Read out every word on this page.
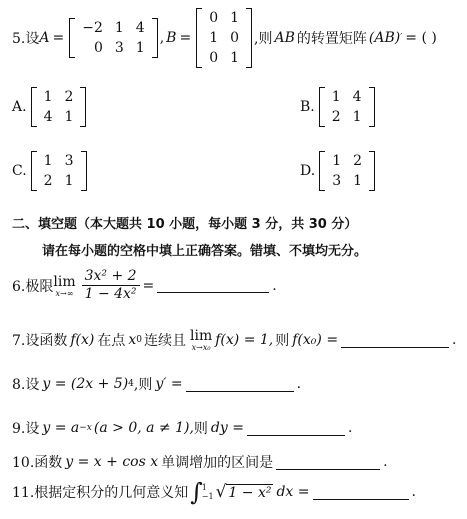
5.设 A =
−2 1 4
0 3 1
, B =
0 1
1 0
0 1
,则 AB 的转置矩阵 (AB) ′ = ( )
A.
1 2
4 1
B.
1 4
2 1
C.
1 3
2 1
D.
1 2
3 1
二、填空题（本大题共 10 小题，每小题 3 分，共 30 分）
请在每小题的空格中填上正确答案。错填、不填均无分。
6.极限 lim
$x\to\infty \frac{\text{3x² + 2}}{\text{1 − 4x²}}$ =	.
7.设函数 f(x) 在点 x 0 连续且 lim
x→x₀ f(x) = 1, 则 f(x₀) =	.
8.设 y = (2x + 5) 4 ,则 y′ =	.
9.设 y = a −x (a > 0, a ≠ 1), 则 dy =	.
10.函数 y = x + cos x 单调增加的区间是	.
11.根据定积分的几何意义知 ∫ 1
−1 √ 1 − x² dx =	.
